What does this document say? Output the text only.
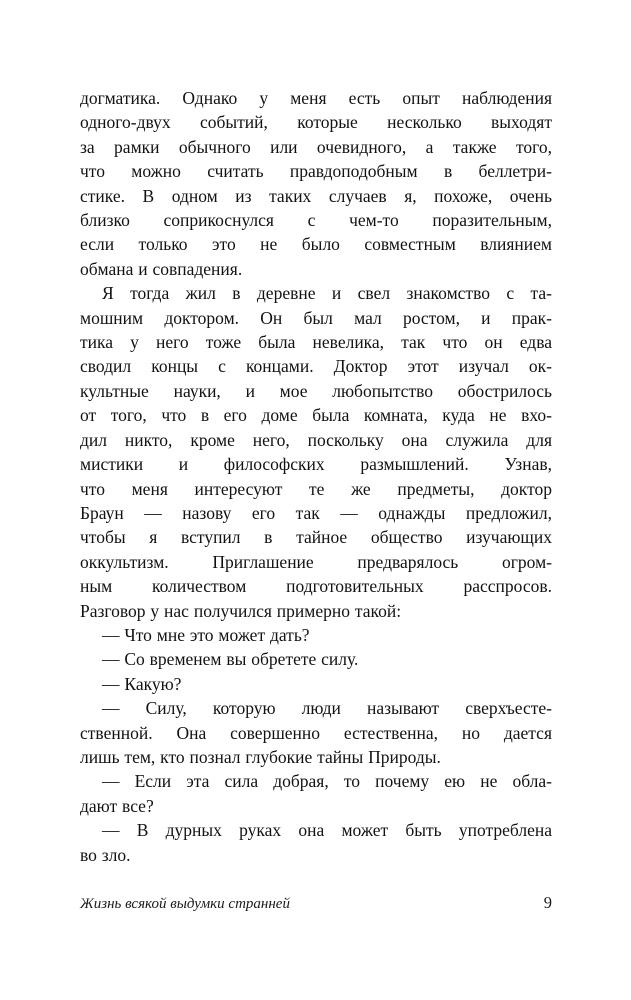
догматика. Однако у меня есть опыт наблюдения
одного-двух событий, которые несколько выходят
за рамки обычного или очевидного, а также того,
что можно считать правдоподобным в беллетри-
стике. В одном из таких случаев я, похоже, очень
близко соприкоснулся с чем-то поразительным,
если только это не было совместным влиянием
обмана и совпадения.
Я тогда жил в деревне и свел знакомство с та-
мошним доктором. Он был мал ростом, и прак-
тика у него тоже была невелика, так что он едва
сводил концы с концами. Доктор этот изучал ок-
культные науки, и мое любопытство обострилось
от того, что в его доме была комната, куда не вхо-
дил никто, кроме него, поскольку она служила для
мистики и философских размышлений. Узнав,
что меня интересуют те же предметы, доктор
Браун — назову его так — однажды предложил,
чтобы я вступил в тайное общество изучающих
оккультизм. Приглашение предварялось огром-
ным количеством подготовительных расспросов.
Разговор у нас получился примерно такой:
— Что мне это может дать?
— Со временем вы обретете силу.
— Какую?
— Силу, которую люди называют сверхъесте-
ственной. Она совершенно естественна, но дается
лишь тем, кто познал глубокие тайны Природы.
— Если эта сила добрая, то почему ею не обла-
дают все?
— В дурных руках она может быть употреблена
во зло.
Жизнь всякой выдумки странней	9
